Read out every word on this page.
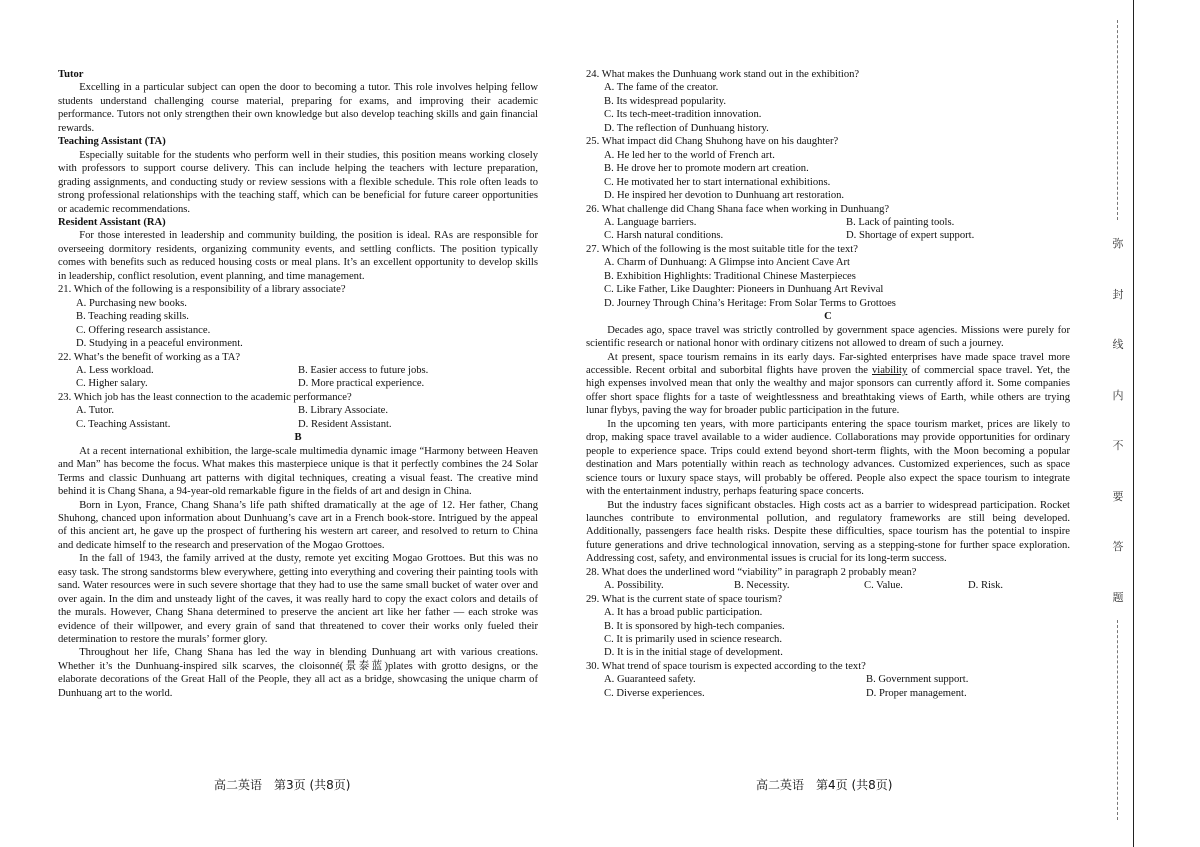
Tutor

Excelling in a particular subject can open the door to becoming a tutor. This role involves helping fellow students understand challenging course material, preparing for exams, and improving their academic performance. Tutors not only strengthen their own knowledge but also develop teaching skills and gain financial rewards.

Teaching Assistant (TA)

Especially suitable for the students who perform well in their studies, this position means working closely with professors to support course delivery. This can include helping the teachers with lecture preparation, grading assignments, and conducting study or review sessions with a flexible schedule. This role often leads to strong professional relationships with the teaching staff, which can be beneficial for future career opportunities or academic recommendations.

Resident Assistant (RA)

For those interested in leadership and community building, the position is ideal. RAs are responsible for overseeing dormitory residents, organizing community events, and settling conflicts. The position typically comes with benefits such as reduced housing costs or meal plans. It’s an excellent opportunity to develop skills in leadership, conflict resolution, event planning, and time management.

21. Which of the following is a responsibility of a library associate?

A. Purchasing new books.

B. Teaching reading skills.

C. Offering research assistance.

D. Studying in a peaceful environment.

22. What’s the benefit of working as a TA?

A. Less workload.	B. Easier access to future jobs.
C. Higher salary.	D. More practical experience.

23. Which job has the least connection to the academic performance?

A. Tutor.	B. Library Associate.
C. Teaching Assistant.	D. Resident Assistant.

B

At a recent international exhibition, the large-scale multimedia dynamic image “Harmony between Heaven and Man” has become the focus. What makes this masterpiece unique is that it perfectly combines the 24 Solar Terms and classic Dunhuang art patterns with digital techniques, creating a visual feast. The creative mind behind it is Chang Shana, a 94-year-old remarkable figure in the fields of art and design in China.

Born in Lyon, France, Chang Shana’s life path shifted dramatically at the age of 12. Her father, Chang Shuhong, chanced upon information about Dunhuang’s cave art in a French book-store. Intrigued by the appeal of this ancient art, he gave up the prospect of furthering his western art career, and resolved to return to China and dedicate himself to the research and preservation of the Mogao Grottoes.

In the fall of 1943, the family arrived at the dusty, remote yet exciting Mogao Grottoes. But this was no easy task. The strong sandstorms blew everywhere, getting into everything and covering their painting tools with sand. Water resources were in such severe shortage that they had to use the same small bucket of water over and over again. In the dim and unsteady light of the caves, it was really hard to copy the exact colors and details of the murals. However, Chang Shana determined to preserve the ancient art like her father — each stroke was evidence of their willpower, and every grain of sand that threatened to cover their works only fueled their determination to restore the murals’ former glory.

Throughout her life, Chang Shana has led the way in blending Dunhuang art with various creations. Whether it’s the Dunhuang-inspired silk scarves, the cloisonné(景泰蓝)plates with grotto designs, or the elaborate decorations of the Great Hall of the People, they all act as a bridge, showcasing the unique charm of Dunhuang art to the world.

24. What makes the Dunhuang work stand out in the exhibition?

A. The fame of the creator.

B. Its widespread popularity.

C. Its tech-meet-tradition innovation.

D. The reflection of Dunhuang history.

25. What impact did Chang Shuhong have on his daughter?

A. He led her to the world of French art.

B. He drove her to promote modern art creation.

C. He motivated her to start international exhibitions.

D. He inspired her devotion to Dunhuang art restoration.

26. What challenge did Chang Shana face when working in Dunhuang?

A. Language barriers.	B. Lack of painting tools.
C. Harsh natural conditions.	D. Shortage of expert support.

27. Which of the following is the most suitable title for the text?

A. Charm of Dunhuang: A Glimpse into Ancient Cave Art

B. Exhibition Highlights: Traditional Chinese Masterpieces

C. Like Father, Like Daughter: Pioneers in Dunhuang Art Revival

D. Journey Through China’s Heritage: From Solar Terms to Grottoes

C

Decades ago, space travel was strictly controlled by government space agencies. Missions were purely for scientific research or national honor with ordinary citizens not allowed to dream of such a journey.

At present, space tourism remains in its early days. Far-sighted enterprises have made space travel more accessible. Recent orbital and suborbital flights have proven the viability of commercial space travel. Yet, the high expenses involved mean that only the wealthy and major sponsors can currently afford it. Some companies offer short space flights for a taste of weightlessness and breathtaking views of Earth, while others are trying lunar flybys, paving the way for broader public participation in the future.

In the upcoming ten years, with more participants entering the space tourism market, prices are likely to drop, making space travel available to a wider audience. Collaborations may provide opportunities for ordinary people to experience space. Trips could extend beyond short-term flights, with the Moon becoming a popular destination and Mars potentially within reach as technology advances. Customized experiences, such as space science tours or luxury space stays, will probably be offered. People also expect the space tourism to integrate with the entertainment industry, perhaps featuring space concerts.

But the industry faces significant obstacles. High costs act as a barrier to widespread participation. Rocket launches contribute to environmental pollution, and regulatory frameworks are still being developed. Additionally, passengers face health risks. Despite these difficulties, space tourism has the potential to inspire future generations and drive technological innovation, serving as a stepping-stone for further space exploration. Addressing cost, safety, and environmental issues is crucial for its long-term success.

28. What does the underlined word “viability” in paragraph 2 probably mean?

A. Possibility.	B. Necessity.	C. Value.	D. Risk.

29. What is the current state of space tourism?

A. It has a broad public participation.

B. It is sponsored by high-tech companies.

C. It is primarily used in science research.

D. It is in the initial stage of development.

30. What trend of space tourism is expected according to the text?

A. Guaranteed safety.	B. Government support.
C. Diverse experiences.	D. Proper management.
高二英语　第3页 (共8页)	高二英语　第4页 (共8页)
弥
封
线
内
不
要
答
题
